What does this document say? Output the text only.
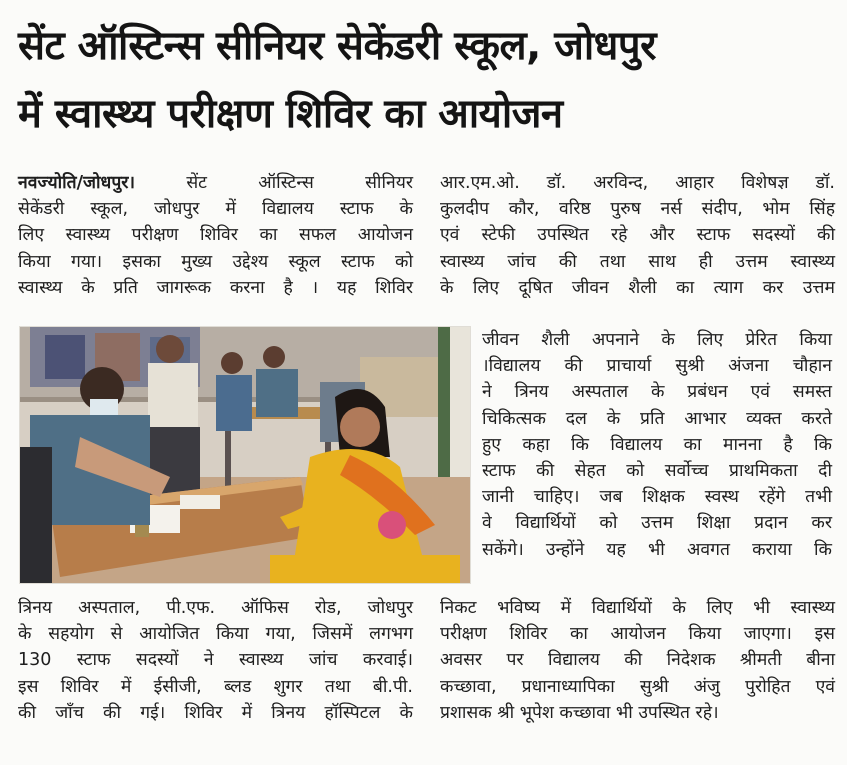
सेंट ऑस्टिन्स सीनियर सेकेंडरी स्कूल, जोधपुर
में स्वास्थ्य परीक्षण शिविर का आयोजन
नवज्योति/जोधपुर। सेंट ऑस्टिन्स सीनियर
सेकेंडरी स्कूल, जोधपुर में विद्यालय स्टाफ के
लिए स्वास्थ्य परीक्षण शिविर का सफल आयोजन
किया गया। इसका मुख्य उद्देश्य स्कूल स्टाफ को
स्वास्थ्य के प्रति जागरूक करना है । यह शिविर
आर.एम.ओ. डॉ. अरविन्द, आहार विशेषज्ञ डॉ.
कुलदीप कौर, वरिष्ठ पुरुष नर्स संदीप, भोम सिंह
एवं स्टेफी उपस्थित रहे और स्टाफ सदस्यों की
स्वास्थ्य जांच की तथा साथ ही उत्तम स्वास्थ्य
के लिए दूषित जीवन शैली का त्याग कर उत्तम
जीवन शैली अपनाने के लिए प्रेरित किया
।विद्यालय की प्राचार्या सुश्री अंजना चौहान
ने त्रिनय अस्पताल के प्रबंधन एवं समस्त
चिकित्सक दल के प्रति आभार व्यक्त करते
हुए कहा कि विद्यालय का मानना है कि
स्टाफ की सेहत को सर्वोच्च प्राथमिकता दी
जानी चाहिए। जब शिक्षक स्वस्थ रहेंगे तभी
वे विद्यार्थियों को उत्तम शिक्षा प्रदान कर
सकेंगे। उन्होंने यह भी अवगत कराया कि
त्रिनय अस्पताल, पी.एफ. ऑफिस रोड, जोधपुर
के सहयोग से आयोजित किया गया, जिसमें लगभग
130 स्टाफ सदस्यों ने स्वास्थ्य जांच करवाई।
इस शिविर में ईसीजी, ब्लड शुगर तथा बी.पी.
की जाँच की गई। शिविर में त्रिनय हॉस्पिटल के
निकट भविष्य में विद्यार्थियों के लिए भी स्वास्थ्य
परीक्षण शिविर का आयोजन किया जाएगा। इस
अवसर पर विद्यालय की निदेशक श्रीमती बीना
कच्छावा, प्रधानाध्यापिका सुश्री अंजु पुरोहित एवं
प्रशासक श्री भूपेश कच्छावा भी उपस्थित रहे।
